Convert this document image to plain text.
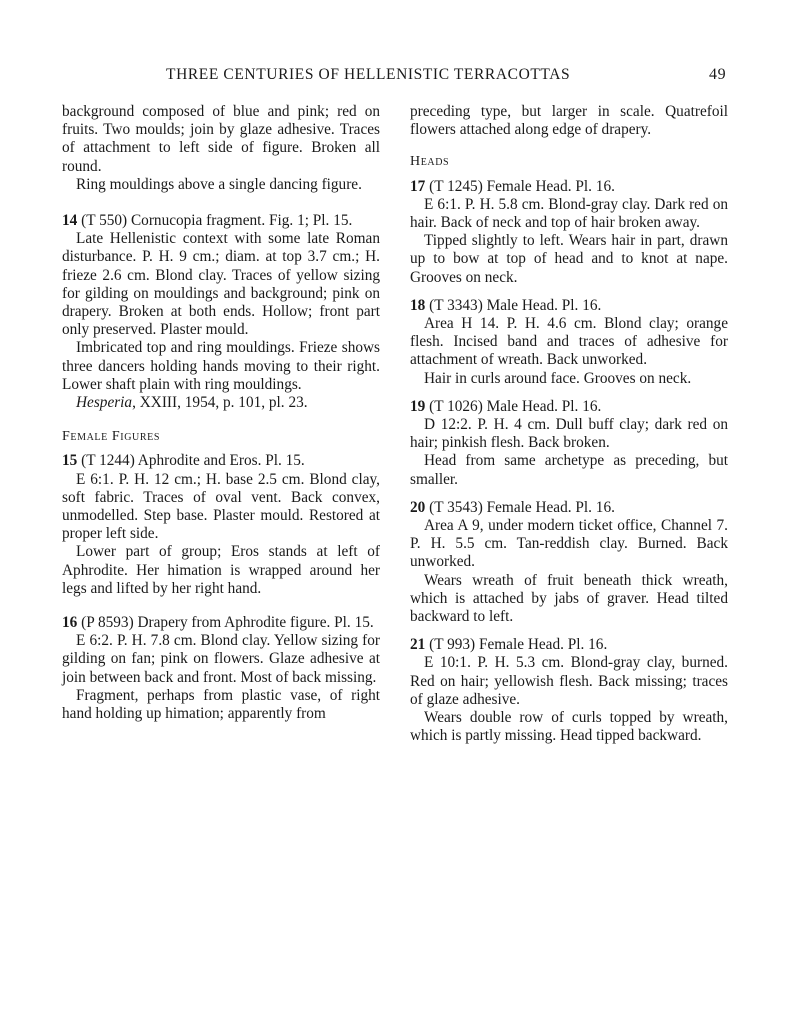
THREE CENTURIES OF HELLENISTIC TERRACOTTAS	49

background composed of blue and pink; red on fruits. Two moulds; join by glaze adhesive. Traces of attachment to left side of figure. Broken all round.

Ring mouldings above a single dancing figure.

14 (T 550) Cornucopia fragment. Fig. 1; Pl. 15.

Late Hellenistic context with some late Roman disturbance. P. H. 9 cm.; diam. at top 3.7 cm.; H. frieze 2.6 cm. Blond clay. Traces of yellow sizing for gilding on mouldings and background; pink on drapery. Broken at both ends. Hollow; front part only preserved. Plaster mould.

Imbricated top and ring mouldings. Frieze shows three dancers holding hands moving to their right. Lower shaft plain with ring mouldings.

Hesperia, XXIII, 1954, p. 101, pl. 23.

Female Figures

15 (T 1244) Aphrodite and Eros. Pl. 15.

E 6:1. P. H. 12 cm.; H. base 2.5 cm. Blond clay, soft fabric. Traces of oval vent. Back convex, unmodelled. Step base. Plaster mould. Restored at proper left side.

Lower part of group; Eros stands at left of Aphrodite. Her himation is wrapped around her legs and lifted by her right hand.

16 (P 8593) Drapery from Aphrodite figure. Pl. 15.

E 6:2. P. H. 7.8 cm. Blond clay. Yellow sizing for gilding on fan; pink on flowers. Glaze adhesive at join between back and front. Most of back missing.

Fragment, perhaps from plastic vase, of right hand holding up himation; apparently from

preceding type, but larger in scale. Quatrefoil flowers attached along edge of drapery.

Heads

17 (T 1245) Female Head. Pl. 16.

E 6:1. P. H. 5.8 cm. Blond-gray clay. Dark red on hair. Back of neck and top of hair broken away.

Tipped slightly to left. Wears hair in part, drawn up to bow at top of head and to knot at nape. Grooves on neck.

18 (T 3343) Male Head. Pl. 16.

Area H 14. P. H. 4.6 cm. Blond clay; orange flesh. Incised band and traces of adhesive for attachment of wreath. Back unworked.

Hair in curls around face. Grooves on neck.

19 (T 1026) Male Head. Pl. 16.

D 12:2. P. H. 4 cm. Dull buff clay; dark red on hair; pinkish flesh. Back broken.

Head from same archetype as preceding, but smaller.

20 (T 3543) Female Head. Pl. 16.

Area A 9, under modern ticket office, Channel 7. P. H. 5.5 cm. Tan-reddish clay. Burned. Back unworked.

Wears wreath of fruit beneath thick wreath, which is attached by jabs of graver. Head tilted backward to left.

21 (T 993) Female Head. Pl. 16.

E 10:1. P. H. 5.3 cm. Blond-gray clay, burned. Red on hair; yellowish flesh. Back missing; traces of glaze adhesive.

Wears double row of curls topped by wreath, which is partly missing. Head tipped backward.
